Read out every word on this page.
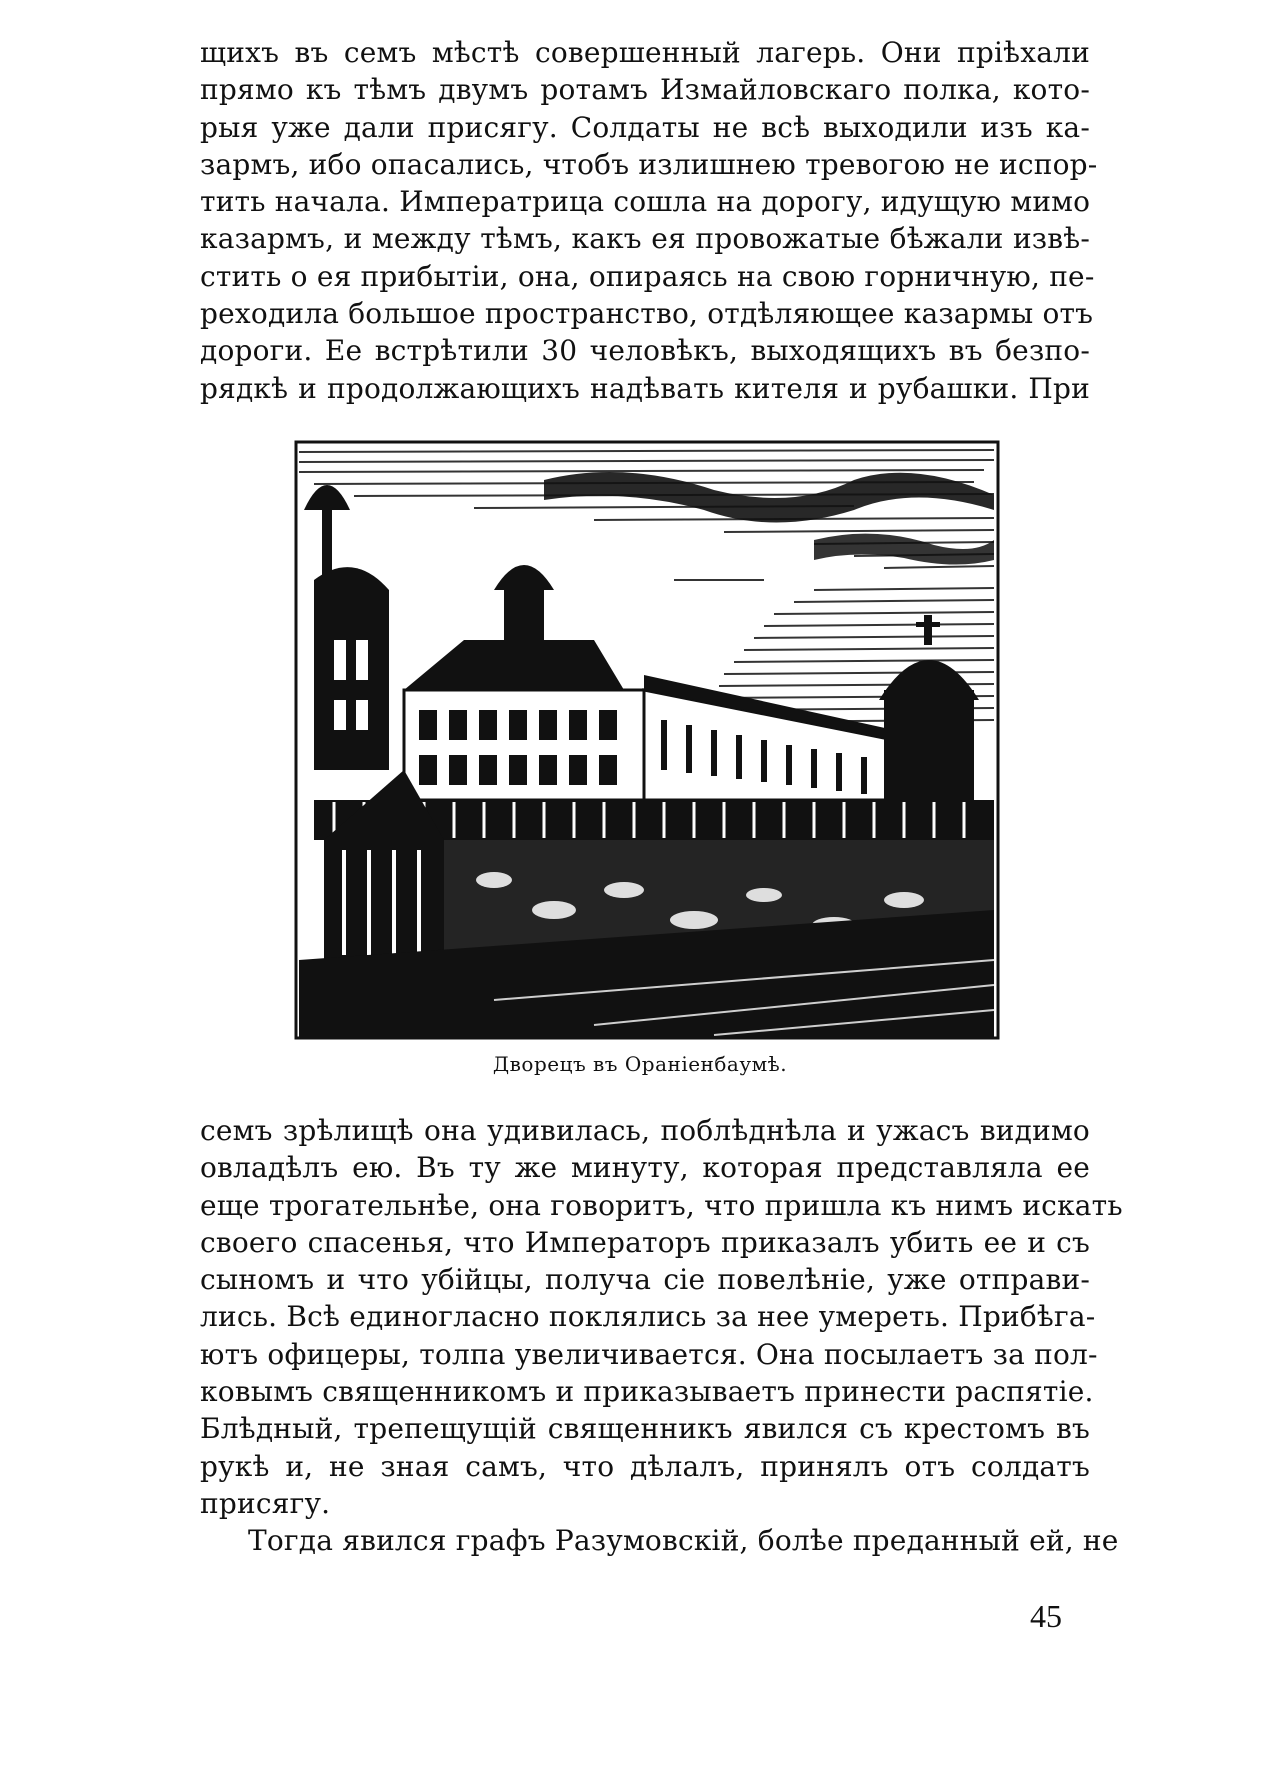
щихъ въ семъ мѣстѣ совершенный лагерь. Они пріѣхали
прямо къ тѣмъ двумъ ротамъ Измайловскаго полка, кото-
рыя уже дали присягу. Солдаты не всѣ выходили изъ ка-
зармъ, ибо опасались, чтобъ излишнею тревогою не испор-
тить начала. Императрица сошла на дорогу, идущую мимо
казармъ, и между тѣмъ, какъ ея провожатые бѣжали извѣ-
стить о ея прибытіи, она, опираясь на свою горничную, пе-
реходила большое пространство, отдѣляющее казармы отъ
дороги. Ее встрѣтили 30 человѣкъ, выходящихъ въ безпо-
рядкѣ и продолжающихъ надѣвать кителя и рубашки. При
Дворецъ въ Ораніенбаумѣ.
семъ зрѣлищѣ она удивилась, поблѣднѣла и ужасъ видимо
овладѣлъ ею. Въ ту же минуту, которая представляла ее
еще трогательнѣе, она говоритъ, что пришла къ нимъ искать
своего спасенья, что Императоръ приказалъ убить ее и съ
сыномъ и что убійцы, получа сіе повелѣніе, уже отправи-
лись. Всѣ единогласно поклялись за нее умереть. Прибѣга-
ютъ офицеры, толпа увеличивается. Она посылаетъ за пол-
ковымъ священникомъ и приказываетъ принести распятіе.
Блѣдный, трепещущій священникъ явился съ крестомъ въ
рукѣ и, не зная самъ, что дѣлалъ, принялъ отъ солдатъ
присягу.
Тогда явился графъ Разумовскій, болѣе преданный ей, не
45
